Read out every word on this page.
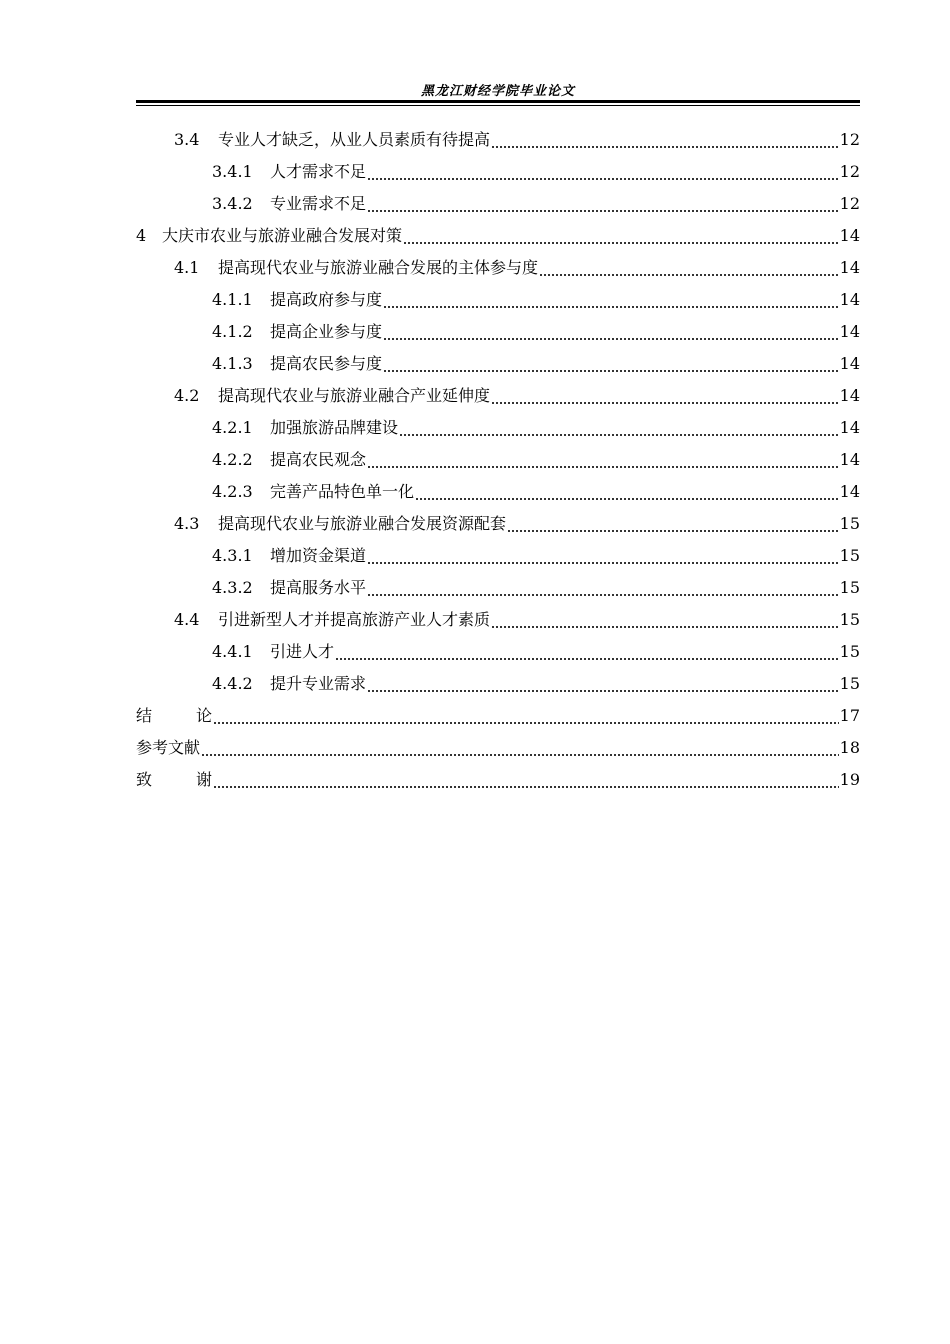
黑龙江财经学院毕业论文
3.4	专业人才缺乏，从业人员素质有待提高	12
3.4.1	人才需求不足	12
3.4.2	专业需求不足	12
4 大庆市农业与旅游业融合发展对策	14
4.1	提高现代农业与旅游业融合发展的主体参与度	14
4.1.1	提高政府参与度	14
4.1.2	提高企业参与度	14
4.1.3	提高农民参与度	14
4.2	提高现代农业与旅游业融合产业延伸度	14
4.2.1	加强旅游品牌建设	14
4.2.2	提高农民观念	14
4.2.3	完善产品特色单一化	14
4.3	提高现代农业与旅游业融合发展资源配套	15
4.3.1	增加资金渠道	15
4.3.2	提高服务水平	15
4.4	引进新型人才并提高旅游产业人才素质	15
4.4.1	引进人才	15
4.4.2	提升专业需求	15
结	论	17
参考文献	18
致	谢	19
